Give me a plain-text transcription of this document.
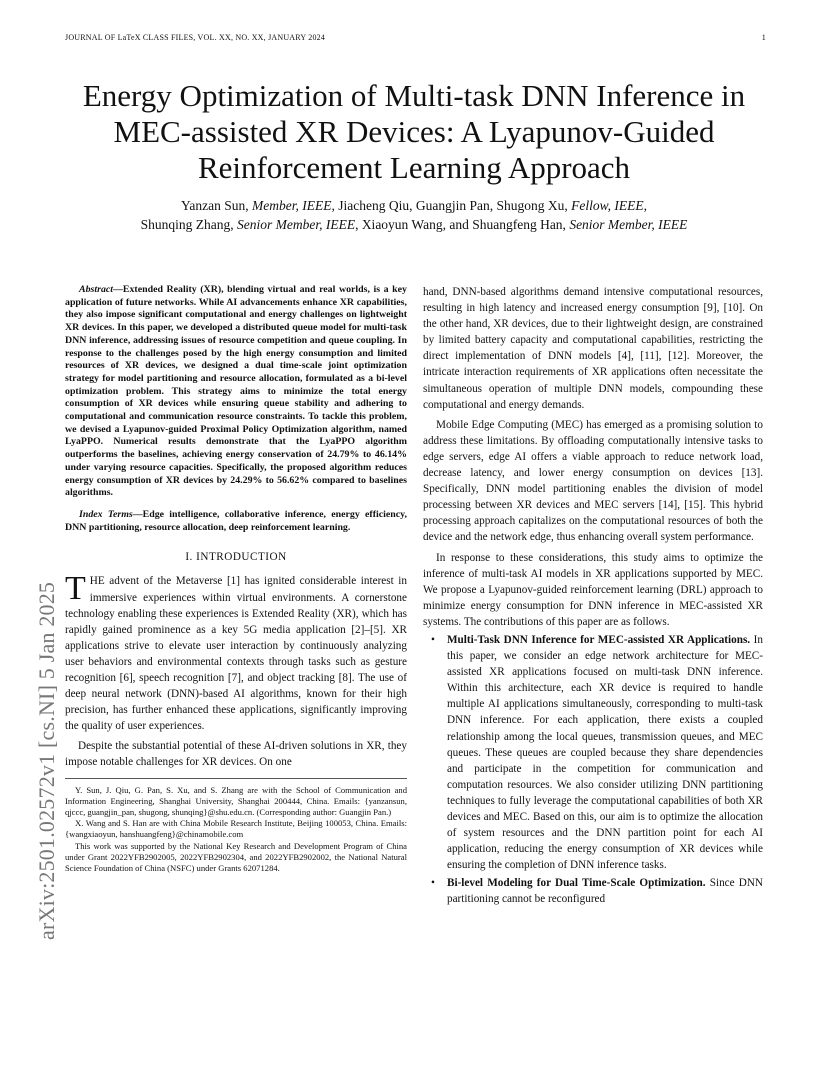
JOURNAL OF LaTeX CLASS FILES, VOL. XX, NO. XX, JANUARY 2024	1
arXiv:2501.02572v1 [cs.NI] 5 Jan 2025
Energy Optimization of Multi-task DNN Inference in MEC-assisted XR Devices: A Lyapunov-Guided Reinforcement Learning Approach
Yanzan Sun, Member, IEEE, Jiacheng Qiu, Guangjin Pan, Shugong Xu, Fellow, IEEE,
Shunqing Zhang, Senior Member, IEEE, Xiaoyun Wang, and Shuangfeng Han, Senior Member, IEEE
Abstract—Extended Reality (XR), blending virtual and real worlds, is a key application of future networks. While AI advancements enhance XR capabilities, they also impose significant computational and energy challenges on lightweight XR devices. In this paper, we developed a distributed queue model for multi-task DNN inference, addressing issues of resource competition and queue coupling. In response to the challenges posed by the high energy consumption and limited resources of XR devices, we designed a dual time-scale joint optimization strategy for model partitioning and resource allocation, formulated as a bi-level optimization problem. This strategy aims to minimize the total energy consumption of XR devices while ensuring queue stability and adhering to computational and communication resource constraints. To tackle this problem, we devised a Lyapunov-guided Proximal Policy Optimization algorithm, named LyaPPO. Numerical results demonstrate that the LyaPPO algorithm outperforms the baselines, achieving energy conservation of 24.79% to 46.14% under varying resource capacities. Specifically, the proposed algorithm reduces energy consumption of XR devices by 24.29% to 56.62% compared to baselines algorithms.
Index Terms—Edge intelligence, collaborative inference, energy efficiency, DNN partitioning, resource allocation, deep reinforcement learning.
I. INTRODUCTION

THE advent of the Metaverse [1] has ignited considerable interest in immersive experiences within virtual environments. A cornerstone technology enabling these experiences is Extended Reality (XR), which has rapidly gained prominence as a key 5G media application [2]–[5]. XR applications strive to elevate user interaction by continuously analyzing user behaviors and environmental contexts through tasks such as gesture recognition [6], speech recognition [7], and object tracking [8]. The use of deep neural network (DNN)-based AI algorithms, known for their high precision, has further enhanced these applications, significantly improving the quality of user experiences.

Despite the substantial potential of these AI-driven solutions in XR, they impose notable challenges for XR devices. On one

Y. Sun, J. Qiu, G. Pan, S. Xu, and S. Zhang are with the School of Communication and Information Engineering, Shanghai University, Shanghai 200444, China. Emails: {yanzansun, qjccc, guangjin_pan, shugong, shunqing}@shu.edu.cn. (Corresponding author: Guangjin Pan.)

X. Wang and S. Han are with China Mobile Research Institute, Beijing 100053, China. Emails: {wangxiaoyun, hanshuangfeng}@chinamobile.com

This work was supported by the National Key Research and Development Program of China under Grant 2022YFB2902005, 2022YFB2902304, and 2022YFB2902002, the National Natural Science Foundation of China (NSFC) under Grants 62071284.

hand, DNN-based algorithms demand intensive computational resources, resulting in high latency and increased energy consumption [9], [10]. On the other hand, XR devices, due to their lightweight design, are constrained by limited battery capacity and computational capabilities, restricting the direct implementation of DNN models [4], [11], [12]. Moreover, the intricate interaction requirements of XR applications often necessitate the simultaneous operation of multiple DNN models, compounding these computational and energy demands.

Mobile Edge Computing (MEC) has emerged as a promising solution to address these limitations. By offloading computationally intensive tasks to edge servers, edge AI offers a viable approach to reduce network load, decrease latency, and lower energy consumption on devices [13]. Specifically, DNN model partitioning enables the division of model processing between XR devices and MEC servers [14], [15]. This hybrid processing approach capitalizes on the computational resources of both the device and the network edge, thus enhancing overall system performance.

In response to these considerations, this study aims to optimize the inference of multi-task AI models in XR applications supported by MEC. We propose a Lyapunov-guided reinforcement learning (DRL) approach to minimize energy consumption for DNN inference in MEC-assisted XR systems. The contributions of this paper are as follows.

• Multi-Task DNN Inference for MEC-assisted XR Applications. In this paper, we consider an edge network architecture for MEC-assisted XR applications focused on multi-task DNN inference. Within this architecture, each XR device is required to handle multiple AI applications simultaneously, corresponding to multi-task DNN inference. For each application, there exists a coupled relationship among the local queues, transmission queues, and MEC queues. These queues are coupled because they share dependencies and participate in the competition for communication and computation resources. We also consider utilizing DNN partitioning techniques to fully leverage the computational capabilities of both XR devices and MEC. Based on this, our aim is to optimize the allocation of system resources and the DNN partition point for each AI application, reducing the energy consumption of XR devices while ensuring the completion of DNN inference tasks.
• Bi-level Modeling for Dual Time-Scale Optimization. Since DNN partitioning cannot be reconfigured
